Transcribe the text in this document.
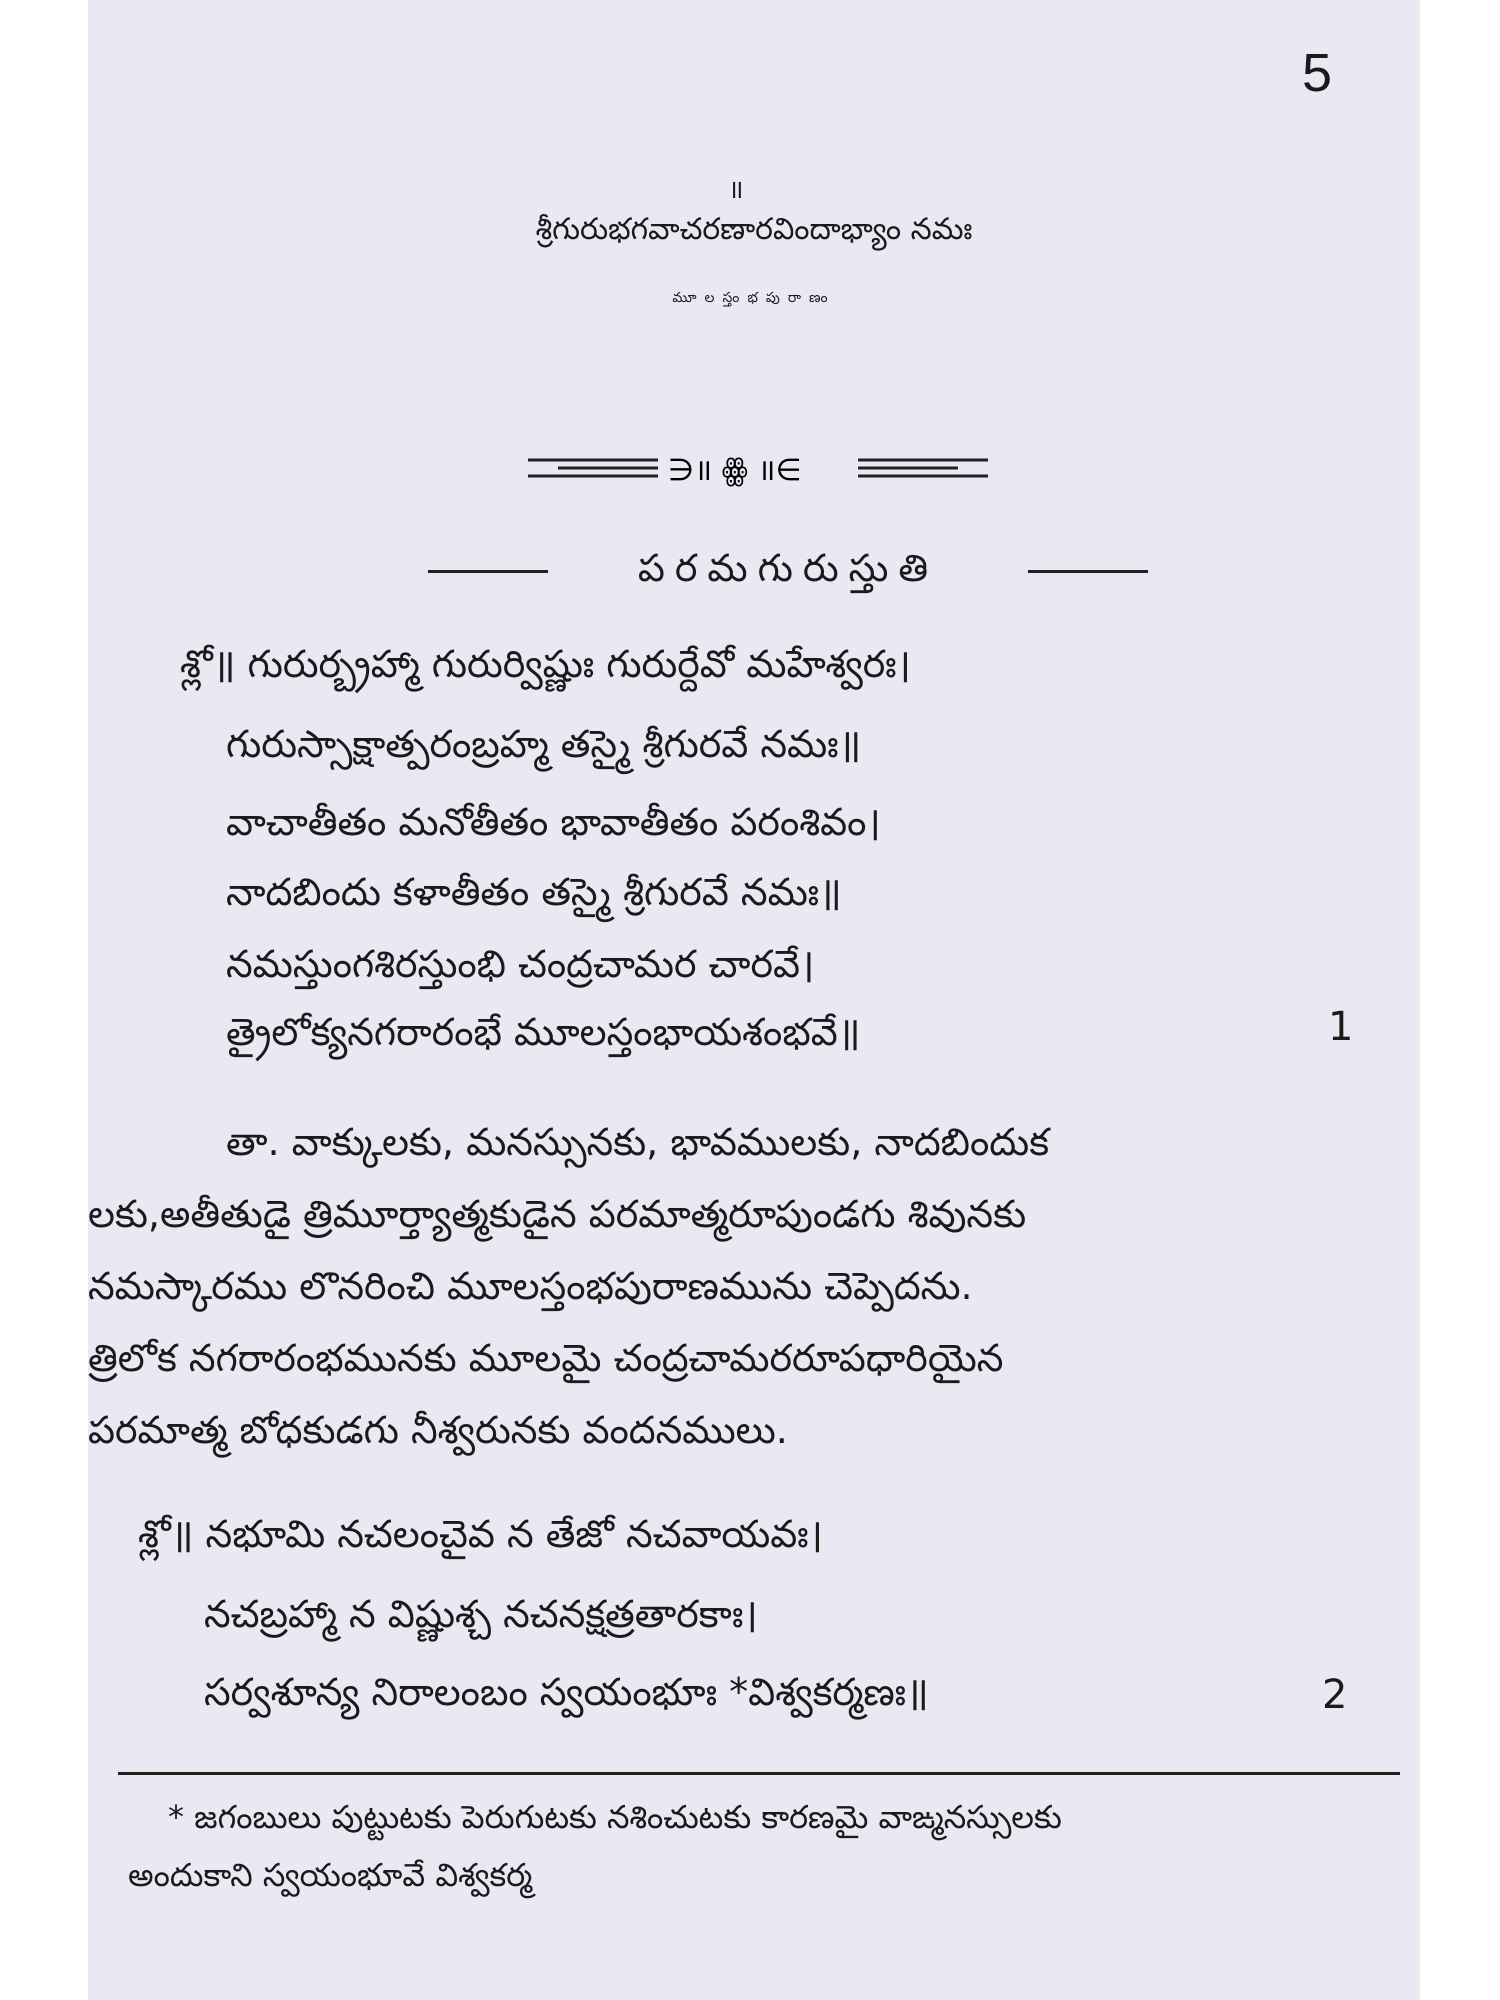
5
॥
శ్రీగురుభగవాచరణారవిందాభ్యాం నమః
మూలస్తంభపురాణం
∋॥ ꙮ ॥∈
పరమగురుస్తుతి
శ్లో॥ గురుర్బ్రహ్మా గురుర్విష్ణుః గురుర్దేవో మహేశ్వరః।
గురుస్సాక్షాత్పరంబ్రహ్మ తస్మై శ్రీగురవే నమః॥
వాచాతీతం మనోతీతం భావాతీతం పరంశివం।
నాదబిందు కళాతీతం తస్మై శ్రీగురవే నమః॥
నమస్తుంగశిరస్తుంభి చంద్రచామర చారవే।
త్రైలోక్యనగరారంభే మూలస్తంభాయశంభవే॥	1
తా. వాక్కులకు, మనస్సునకు, భావములకు, నాదబిందుక
లకు,అతీతుడై త్రిమూర్త్యాత్మకుడైన పరమాత్మరూపుండగు శివునకు
నమస్కారము లొనరించి మూలస్తంభపురాణమును చెప్పెదను.
త్రిలోక నగరారంభమునకు మూలమై చంద్రచామరరూపధారియైన
పరమాత్మ బోధకుడగు నీశ్వరునకు వందనములు.
శ్లో॥ నభూమి నచలంచైవ న తేజో నచవాయవః।
నచబ్రహ్మా న విష్ణుశ్చ నచనక్షత్రతారకాః।
సర్వశూన్య నిరాలంబం స్వయంభూః *విశ్వకర్మణః॥	2
* జగంబులు పుట్టుటకు పెరుగుటకు నశించుటకు కారణమై వాఙ్మనస్సులకు
అందుకాని స్వయంభూవే విశ్వకర్మ
